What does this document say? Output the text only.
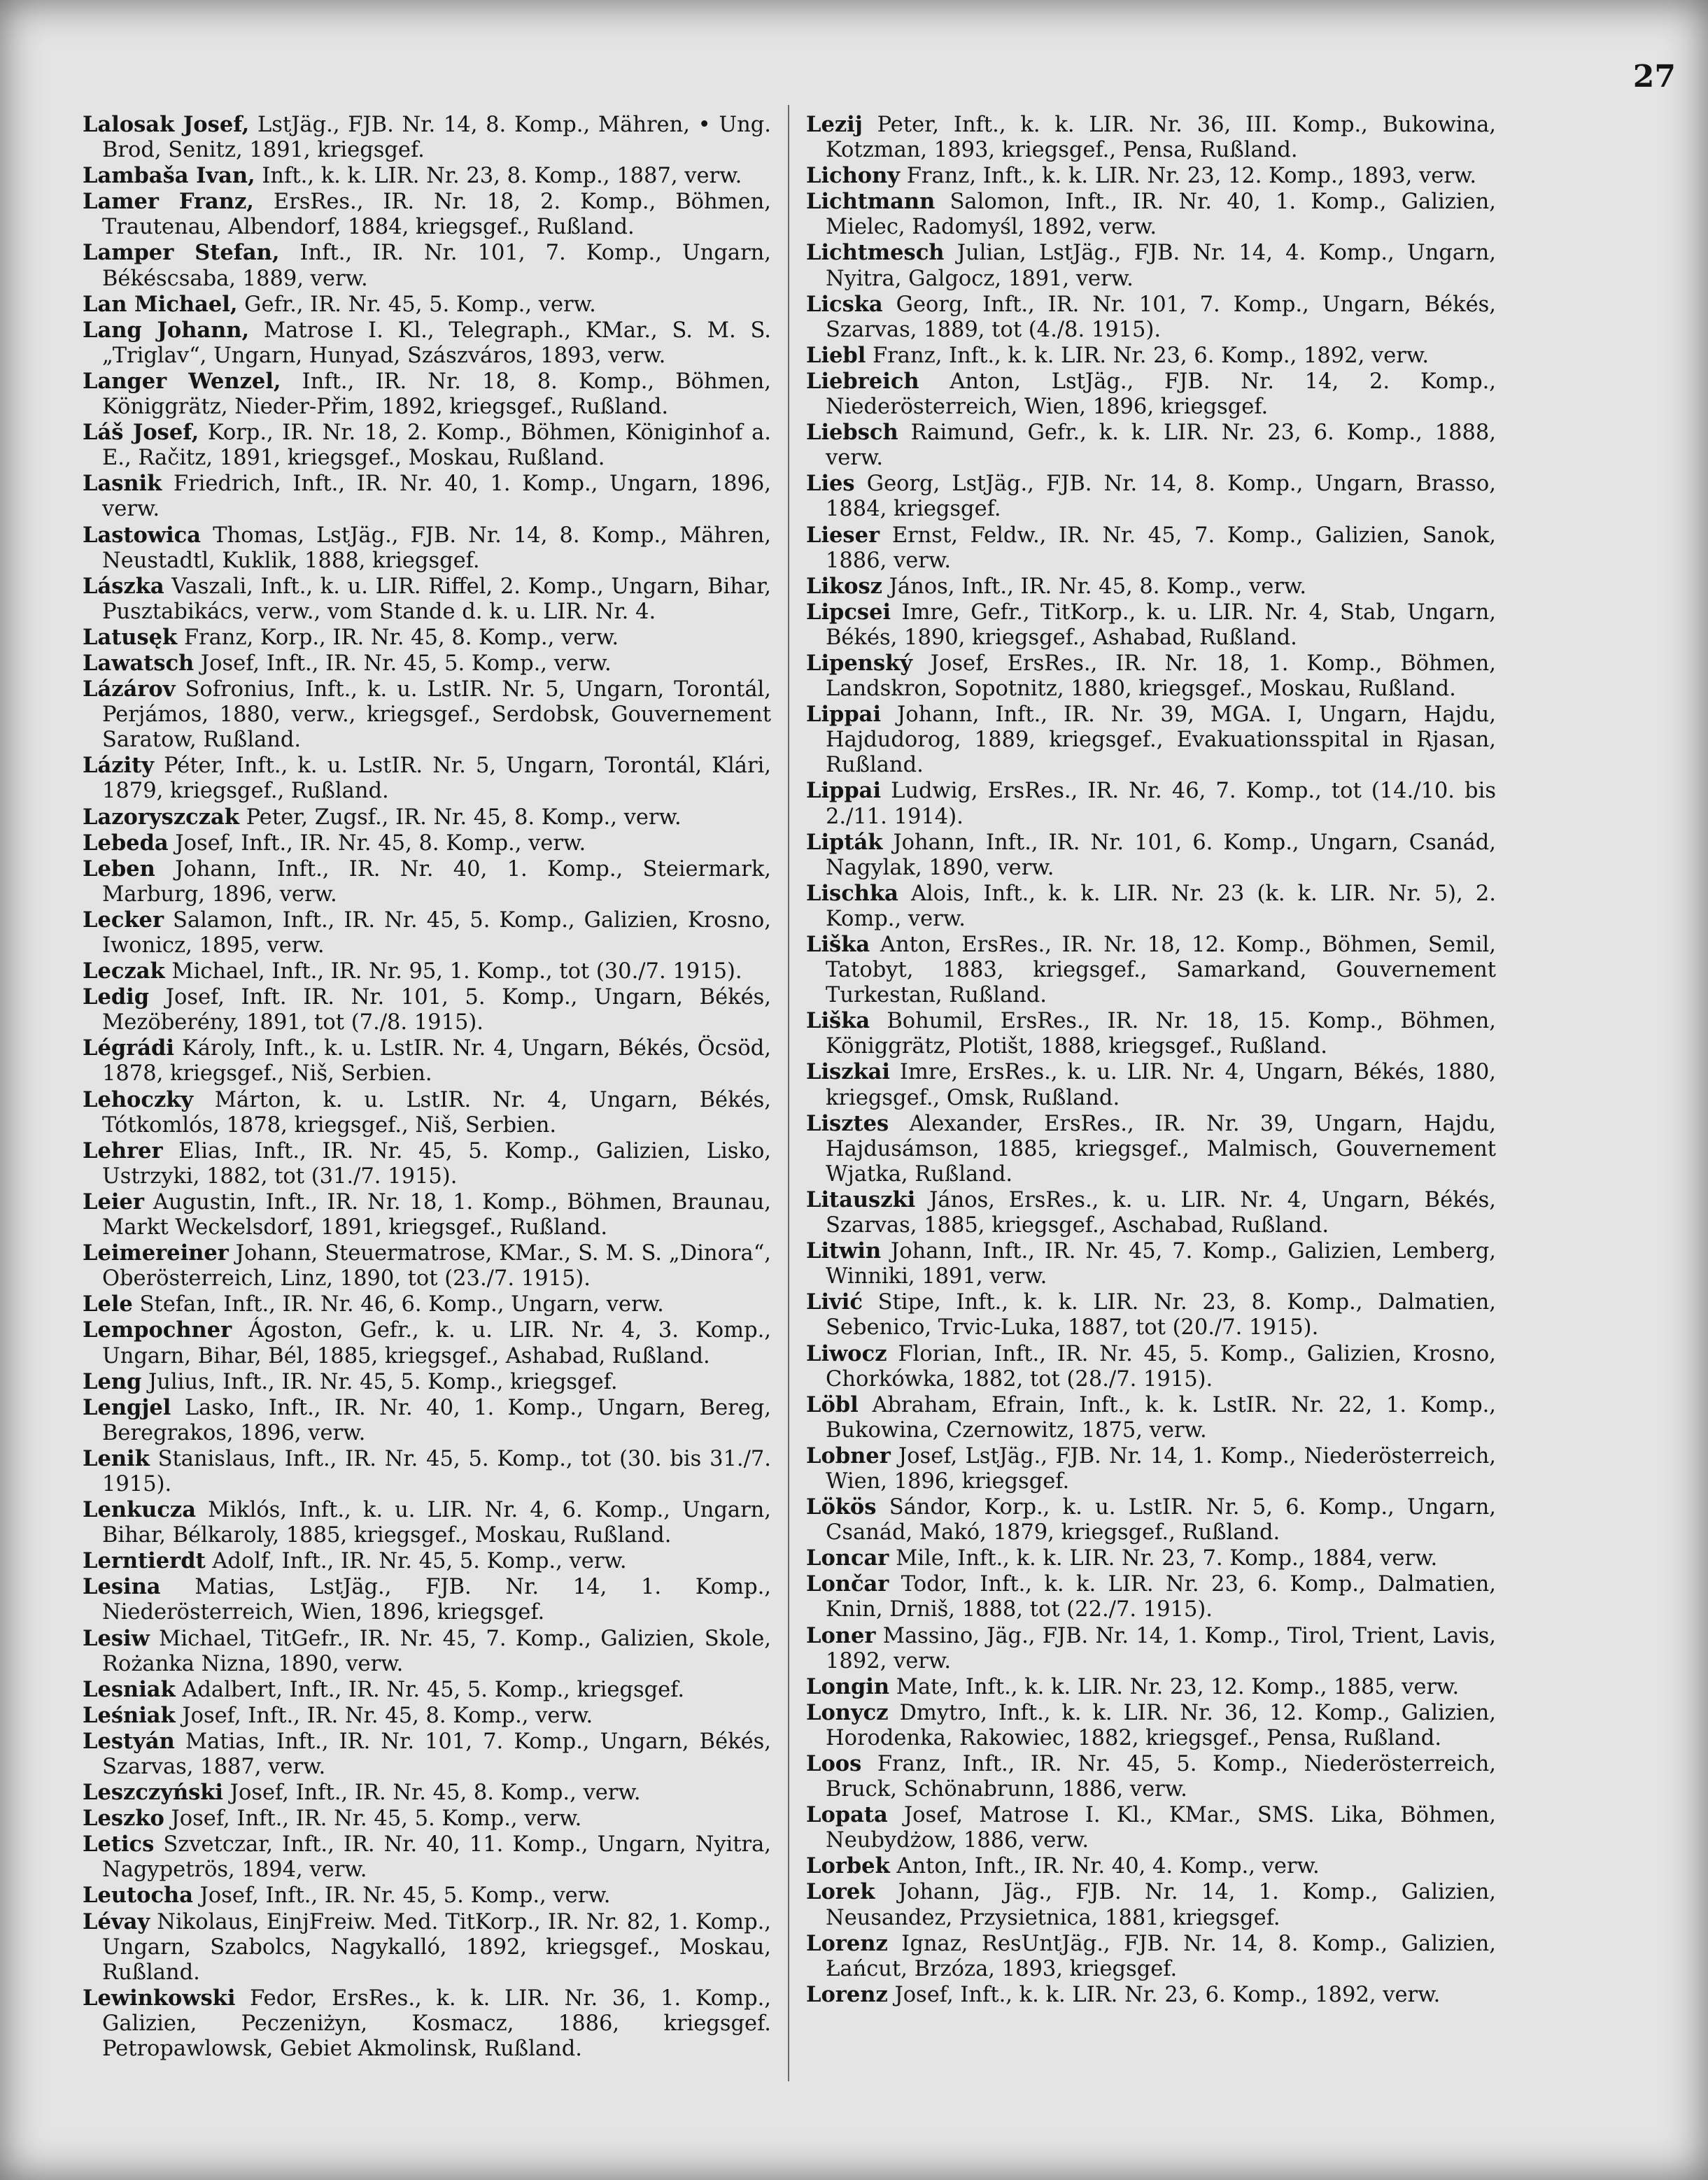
27

Lalosak Josef, LstJäg., FJB. Nr. 14, 8. Komp., Mähren, • Ung. Brod, Senitz, 1891, kriegsgef.

Lambaša Ivan, Inft., k. k. LIR. Nr. 23, 8. Komp., 1887, verw.

Lamer Franz, ErsRes., IR. Nr. 18, 2. Komp., Böhmen, Trautenau, Albendorf, 1884, kriegsgef., Rußland.

Lamper Stefan, Inft., IR. Nr. 101, 7. Komp., Ungarn, Békéscsaba, 1889, verw.

Lan Michael, Gefr., IR. Nr. 45, 5. Komp., verw.

Lang Johann, Matrose I. Kl., Telegraph., KMar., S. M. S. „Triglav“, Ungarn, Hunyad, Szászváros, 1893, verw.

Langer Wenzel, Inft., IR. Nr. 18, 8. Komp., Böhmen, Königgrätz, Nieder-Přim, 1892, kriegsgef., Rußland.

Láš Josef, Korp., IR. Nr. 18, 2. Komp., Böhmen, Königinhof a. E., Račitz, 1891, kriegsgef., Moskau, Rußland.

Lasnik Friedrich, Inft., IR. Nr. 40, 1. Komp., Ungarn, 1896, verw.

Lastowica Thomas, LstJäg., FJB. Nr. 14, 8. Komp., Mähren, Neustadtl, Kuklik, 1888, kriegsgef.

Lászka Vaszali, Inft., k. u. LIR. Riffel, 2. Komp., Ungarn, Bihar, Pusztabikács, verw., vom Stande d. k. u. LIR. Nr. 4.

Latusęk Franz, Korp., IR. Nr. 45, 8. Komp., verw.

Lawatsch Josef, Inft., IR. Nr. 45, 5. Komp., verw.

Lázárov Sofronius, Inft., k. u. LstIR. Nr. 5, Ungarn, Torontál, Perjámos, 1880, verw., kriegsgef., Serdobsk, Gouvernement Saratow, Rußland.

Lázity Péter, Inft., k. u. LstIR. Nr. 5, Ungarn, Torontál, Klári, 1879, kriegsgef., Rußland.

Lazoryszczak Peter, Zugsf., IR. Nr. 45, 8. Komp., verw.

Lebeda Josef, Inft., IR. Nr. 45, 8. Komp., verw.

Leben Johann, Inft., IR. Nr. 40, 1. Komp., Steiermark, Marburg, 1896, verw.

Lecker Salamon, Inft., IR. Nr. 45, 5. Komp., Galizien, Krosno, Iwonicz, 1895, verw.

Leczak Michael, Inft., IR. Nr. 95, 1. Komp., tot (30./7. 1915).

Ledig Josef, Inft. IR. Nr. 101, 5. Komp., Ungarn, Békés, Mezöberény, 1891, tot (7./8. 1915).

Légrádi Károly, Inft., k. u. LstIR. Nr. 4, Ungarn, Békés, Öcsöd, 1878, kriegsgef., Niš, Serbien.

Lehoczky Márton, k. u. LstIR. Nr. 4, Ungarn, Békés, Tótkomlós, 1878, kriegsgef., Niš, Serbien.

Lehrer Elias, Inft., IR. Nr. 45, 5. Komp., Galizien, Lisko, Ustrzyki, 1882, tot (31./7. 1915).

Leier Augustin, Inft., IR. Nr. 18, 1. Komp., Böhmen, Braunau, Markt Weckelsdorf, 1891, kriegsgef., Rußland.

Leimereiner Johann, Steuermatrose, KMar., S. M. S. „Dinora“, Oberösterreich, Linz, 1890, tot (23./7. 1915).

Lele Stefan, Inft., IR. Nr. 46, 6. Komp., Ungarn, verw.

Lempochner Ágoston, Gefr., k. u. LIR. Nr. 4, 3. Komp., Ungarn, Bihar, Bél, 1885, kriegsgef., Ashabad, Rußland.

Leng Julius, Inft., IR. Nr. 45, 5. Komp., kriegsgef.

Lengjel Lasko, Inft., IR. Nr. 40, 1. Komp., Ungarn, Bereg, Beregrakos, 1896, verw.

Lenik Stanislaus, Inft., IR. Nr. 45, 5. Komp., tot (30. bis 31./7. 1915).

Lenkucza Miklós, Inft., k. u. LIR. Nr. 4, 6. Komp., Ungarn, Bihar, Bélkaroly, 1885, kriegsgef., Moskau, Rußland.

Lerntierdt Adolf, Inft., IR. Nr. 45, 5. Komp., verw.

Lesina Matias, LstJäg., FJB. Nr. 14, 1. Komp., Niederösterreich, Wien, 1896, kriegsgef.

Lesiw Michael, TitGefr., IR. Nr. 45, 7. Komp., Galizien, Skole, Rożanka Nizna, 1890, verw.

Lesniak Adalbert, Inft., IR. Nr. 45, 5. Komp., kriegsgef.

Leśniak Josef, Inft., IR. Nr. 45, 8. Komp., verw.

Lestyán Matias, Inft., IR. Nr. 101, 7. Komp., Ungarn, Békés, Szarvas, 1887, verw.

Leszczyński Josef, Inft., IR. Nr. 45, 8. Komp., verw.

Leszko Josef, Inft., IR. Nr. 45, 5. Komp., verw.

Letics Szvetczar, Inft., IR. Nr. 40, 11. Komp., Ungarn, Nyitra, Nagypetrös, 1894, verw.

Leutocha Josef, Inft., IR. Nr. 45, 5. Komp., verw.

Lévay Nikolaus, EinjFreiw. Med. TitKorp., IR. Nr. 82, 1. Komp., Ungarn, Szabolcs, Nagykalló, 1892, kriegsgef., Moskau, Rußland.

Lewinkowski Fedor, ErsRes., k. k. LIR. Nr. 36, 1. Komp., Galizien, Peczeniżyn, Kosmacz, 1886, kriegsgef. Petropawlowsk, Gebiet Akmolinsk, Rußland.

Lezij Peter, Inft., k. k. LIR. Nr. 36, III. Komp., Bukowina, Kotzman, 1893, kriegsgef., Pensa, Rußland.

Lichony Franz, Inft., k. k. LIR. Nr. 23, 12. Komp., 1893, verw.

Lichtmann Salomon, Inft., IR. Nr. 40, 1. Komp., Galizien, Mielec, Radomyśl, 1892, verw.

Lichtmesch Julian, LstJäg., FJB. Nr. 14, 4. Komp., Ungarn, Nyitra, Galgocz, 1891, verw.

Licska Georg, Inft., IR. Nr. 101, 7. Komp., Ungarn, Békés, Szarvas, 1889, tot (4./8. 1915).

Liebl Franz, Inft., k. k. LIR. Nr. 23, 6. Komp., 1892, verw.

Liebreich Anton, LstJäg., FJB. Nr. 14, 2. Komp., Niederösterreich, Wien, 1896, kriegsgef.

Liebsch Raimund, Gefr., k. k. LIR. Nr. 23, 6. Komp., 1888, verw.

Lies Georg, LstJäg., FJB. Nr. 14, 8. Komp., Ungarn, Brasso, 1884, kriegsgef.

Lieser Ernst, Feldw., IR. Nr. 45, 7. Komp., Galizien, Sanok, 1886, verw.

Likosz János, Inft., IR. Nr. 45, 8. Komp., verw.

Lipcsei Imre, Gefr., TitKorp., k. u. LIR. Nr. 4, Stab, Ungarn, Békés, 1890, kriegsgef., Ashabad, Rußland.

Lipenský Josef, ErsRes., IR. Nr. 18, 1. Komp., Böhmen, Landskron, Sopotnitz, 1880, kriegsgef., Moskau, Rußland.

Lippai Johann, Inft., IR. Nr. 39, MGA. I, Ungarn, Hajdu, Hajdudorog, 1889, kriegsgef., Evakuationsspital in Rjasan, Rußland.

Lippai Ludwig, ErsRes., IR. Nr. 46, 7. Komp., tot (14./10. bis 2./11. 1914).

Lipták Johann, Inft., IR. Nr. 101, 6. Komp., Ungarn, Csanád, Nagylak, 1890, verw.

Lischka Alois, Inft., k. k. LIR. Nr. 23 (k. k. LIR. Nr. 5), 2. Komp., verw.

Liška Anton, ErsRes., IR. Nr. 18, 12. Komp., Böhmen, Semil, Tatobyt, 1883, kriegsgef., Samarkand, Gouvernement Turkestan, Rußland.

Liška Bohumil, ErsRes., IR. Nr. 18, 15. Komp., Böhmen, Königgrätz, Plotišt, 1888, kriegsgef., Rußland.

Liszkai Imre, ErsRes., k. u. LIR. Nr. 4, Ungarn, Békés, 1880, kriegsgef., Omsk, Rußland.

Lisztes Alexander, ErsRes., IR. Nr. 39, Ungarn, Hajdu, Hajdusámson, 1885, kriegsgef., Malmisch, Gouvernement Wjatka, Rußland.

Litauszki János, ErsRes., k. u. LIR. Nr. 4, Ungarn, Békés, Szarvas, 1885, kriegsgef., Aschabad, Rußland.

Litwin Johann, Inft., IR. Nr. 45, 7. Komp., Galizien, Lemberg, Winniki, 1891, verw.

Livić Stipe, Inft., k. k. LIR. Nr. 23, 8. Komp., Dalmatien, Sebenico, Trvic-Luka, 1887, tot (20./7. 1915).

Liwocz Florian, Inft., IR. Nr. 45, 5. Komp., Galizien, Krosno, Chorkówka, 1882, tot (28./7. 1915).

Löbl Abraham, Efrain, Inft., k. k. LstIR. Nr. 22, 1. Komp., Bukowina, Czernowitz, 1875, verw.

Lobner Josef, LstJäg., FJB. Nr. 14, 1. Komp., Niederösterreich, Wien, 1896, kriegsgef.

Lökös Sándor, Korp., k. u. LstIR. Nr. 5, 6. Komp., Ungarn, Csanád, Makó, 1879, kriegsgef., Rußland.

Loncar Mile, Inft., k. k. LIR. Nr. 23, 7. Komp., 1884, verw.

Lončar Todor, Inft., k. k. LIR. Nr. 23, 6. Komp., Dalmatien, Knin, Drniš, 1888, tot (22./7. 1915).

Loner Massino, Jäg., FJB. Nr. 14, 1. Komp., Tirol, Trient, Lavis, 1892, verw.

Longin Mate, Inft., k. k. LIR. Nr. 23, 12. Komp., 1885, verw.

Lonycz Dmytro, Inft., k. k. LIR. Nr. 36, 12. Komp., Galizien, Horodenka, Rakowiec, 1882, kriegsgef., Pensa, Rußland.

Loos Franz, Inft., IR. Nr. 45, 5. Komp., Niederösterreich, Bruck, Schönabrunn, 1886, verw.

Lopata Josef, Matrose I. Kl., KMar., SMS. Lika, Böhmen, Neubydżow, 1886, verw.

Lorbek Anton, Inft., IR. Nr. 40, 4. Komp., verw.

Lorek Johann, Jäg., FJB. Nr. 14, 1. Komp., Galizien, Neusandez, Przysietnica, 1881, kriegsgef.

Lorenz Ignaz, ResUntJäg., FJB. Nr. 14, 8. Komp., Galizien, Łańcut, Brzóza, 1893, kriegsgef.

Lorenz Josef, Inft., k. k. LIR. Nr. 23, 6. Komp., 1892, verw.
